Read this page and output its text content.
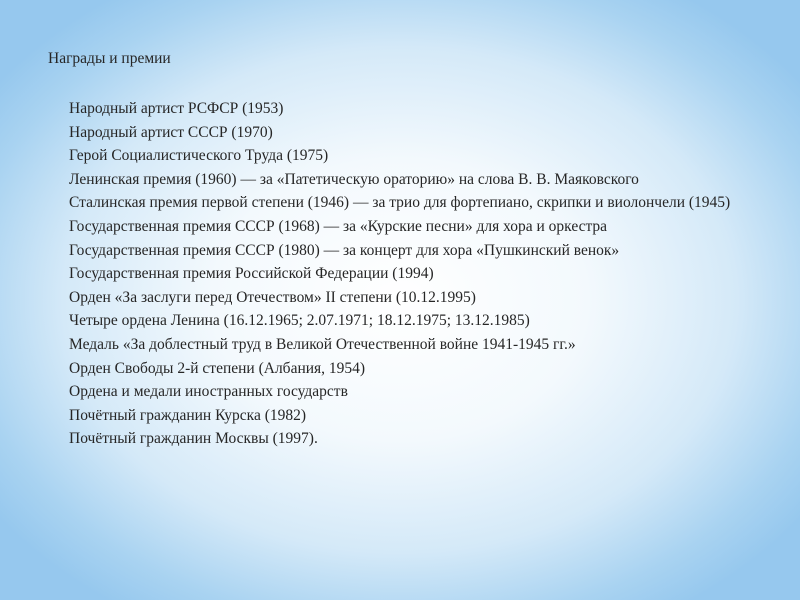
Награды и премии
Народный артист РСФСР (1953)
Народный артист СССР (1970)
Герой Социалистического Труда (1975)
Ленинская премия (1960) — за «Патетическую ораторию» на слова В. В. Маяковского
Сталинская премия первой степени (1946) — за трио для фортепиано, скрипки и виолончели (1945)
Государственная премия СССР (1968) — за «Курские песни» для хора и оркестра
Государственная премия СССР (1980) — за концерт для хора «Пушкинский венок»
Государственная премия Российской Федерации (1994)
Орден «За заслуги перед Отечеством» II степени (10.12.1995)
Четыре ордена Ленина (16.12.1965; 2.07.1971; 18.12.1975; 13.12.1985)
Медаль «За доблестный труд в Великой Отечественной войне 1941-1945 гг.»
Орден Свободы 2-й степени (Албания, 1954)
Ордена и медали иностранных государств
Почётный гражданин Курска (1982)
Почётный гражданин Москвы (1997).
